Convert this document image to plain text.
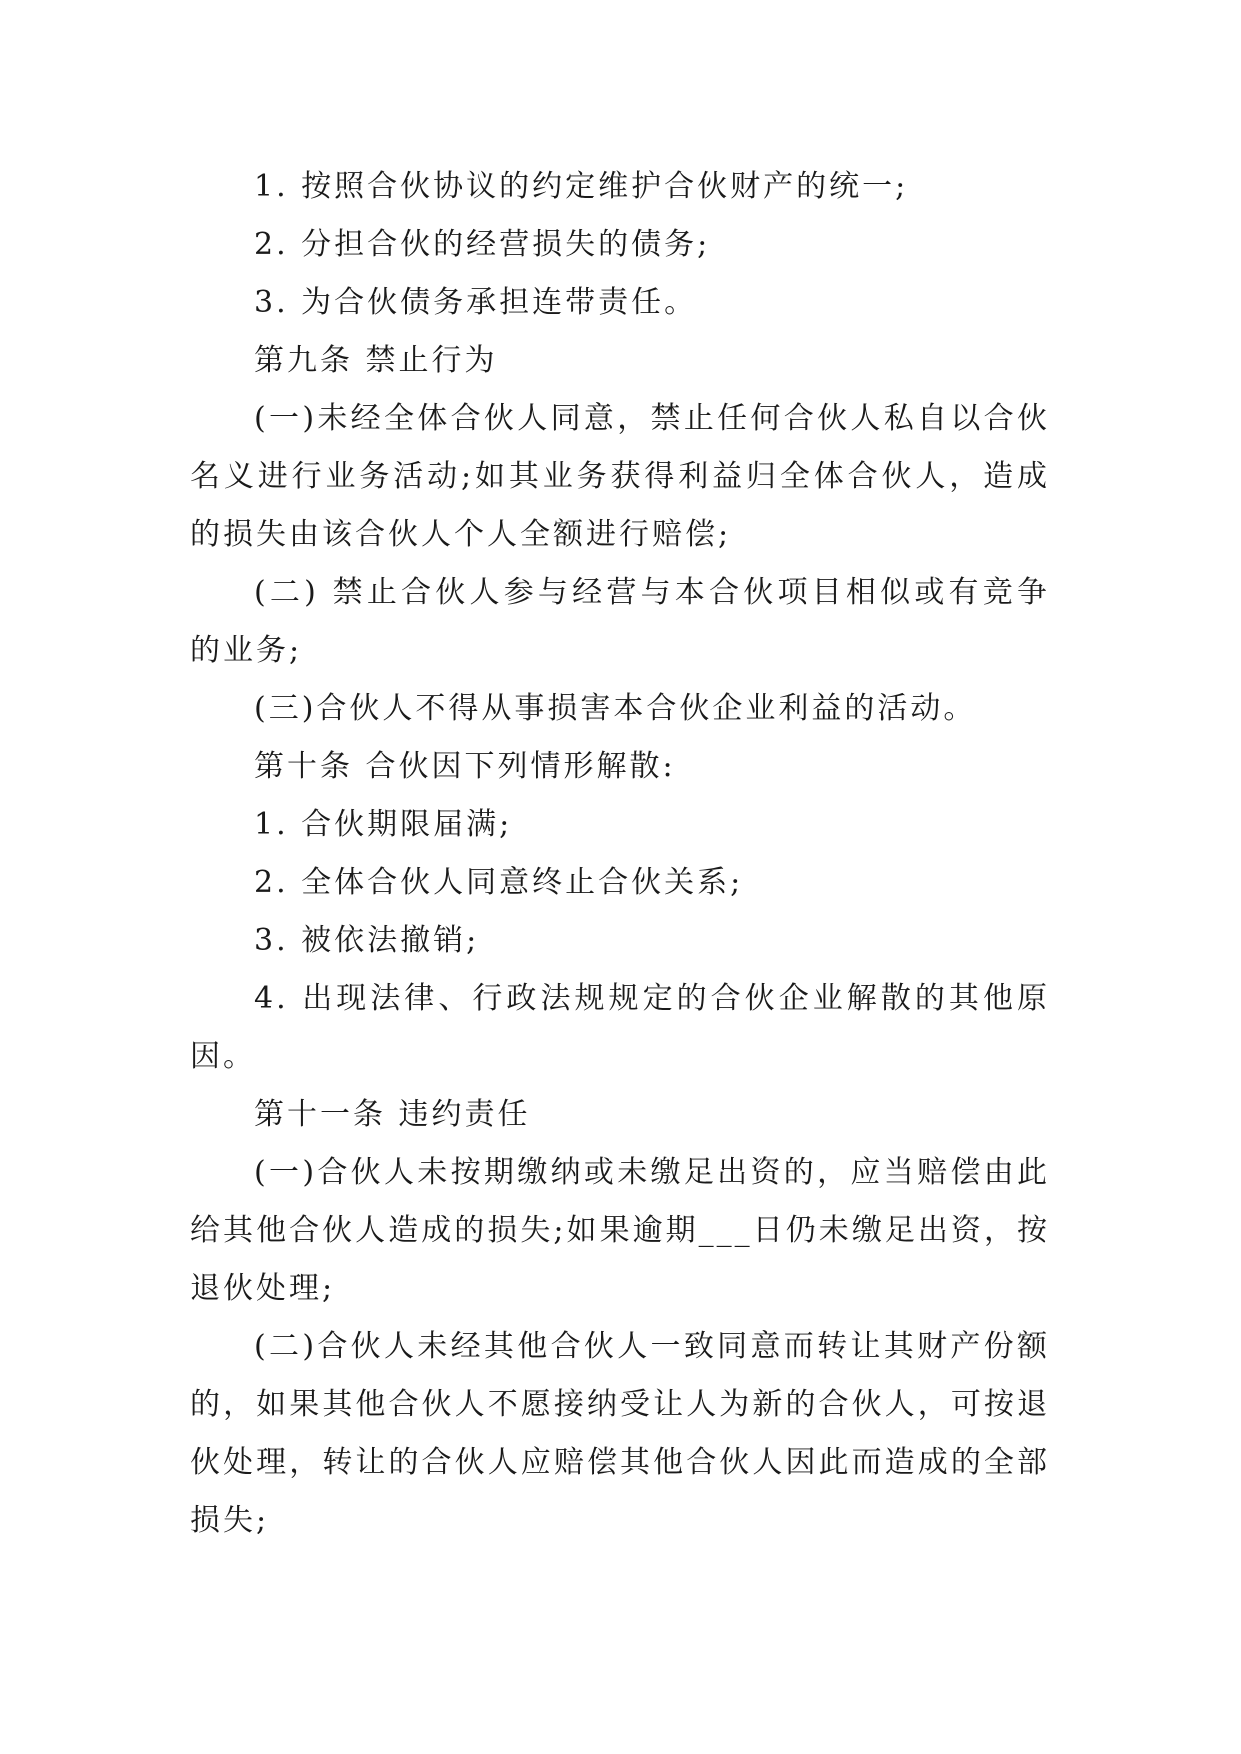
1. 按照合伙协议的约定维护合伙财产的统一;

2. 分担合伙的经营损失的债务;

3. 为合伙债务承担连带责任。

第九条 禁止行为

(一)未经全体合伙人同意，禁止任何合伙人私自以合伙名义进行业务活动;如其业务获得利益归全体合伙人，造成的损失由该合伙人个人全额进行赔偿;

(二) 禁止合伙人参与经营与本合伙项目相似或有竞争的业务;

(三)合伙人不得从事损害本合伙企业利益的活动。

第十条 合伙因下列情形解散:

1. 合伙期限届满;

2. 全体合伙人同意终止合伙关系;

3. 被依法撤销;

4. 出现法律、行政法规规定的合伙企业解散的其他原因。

第十一条 违约责任

(一)合伙人未按期缴纳或未缴足出资的，应当赔偿由此给其他合伙人造成的损失;如果逾期___日仍未缴足出资，按退伙处理;

(二)合伙人未经其他合伙人一致同意而转让其财产份额的，如果其他合伙人不愿接纳受让人为新的合伙人，可按退伙处理，转让的合伙人应赔偿其他合伙人因此而造成的全部损失;
